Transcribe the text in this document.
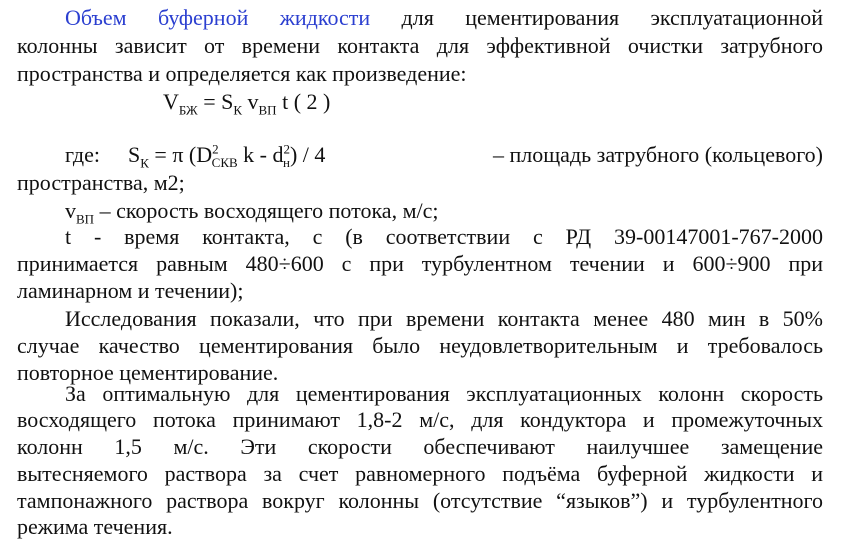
Объем буферной жидкости для цементирования эксплуатационной
колонны зависит от времени контакта для эффективной очистки затрубного
пространства и определяется как произведение:
$V_{БЖ} = S_К$ $v_{ВП}$ t ( 2 )
где: $S_К = \pi$ ($D^2_{СКВ}$ k - $d^2_н) / 4$	– площадь затрубного (кольцевого)
пространства, м2;
$v_{ВП}$ – скорость восходящего потока, м/с;
t - время контакта, с (в соответствии с РД 39-00147001-767-2000
принимается равным 480÷600 с при турбулентном течении и 600÷900 при
ламинарном и течении);
Исследования показали, что при времени контакта менее 480 мин в 50%
случае качество цементирования было неудовлетворительным и требовалось
повторное цементирование.
За оптимальную для цементирования эксплуатационных колонн скорость
восходящего потока принимают 1,8-2 м/с, для кондуктора и промежуточных
колонн 1,5 м/с. Эти скорости обеспечивают наилучшее замещение
вытесняемого раствора за счет равномерного подъёма буферной жидкости и
тампонажного раствора вокруг колонны (отсутствие “языков”) и турбулентного
режима течения.
